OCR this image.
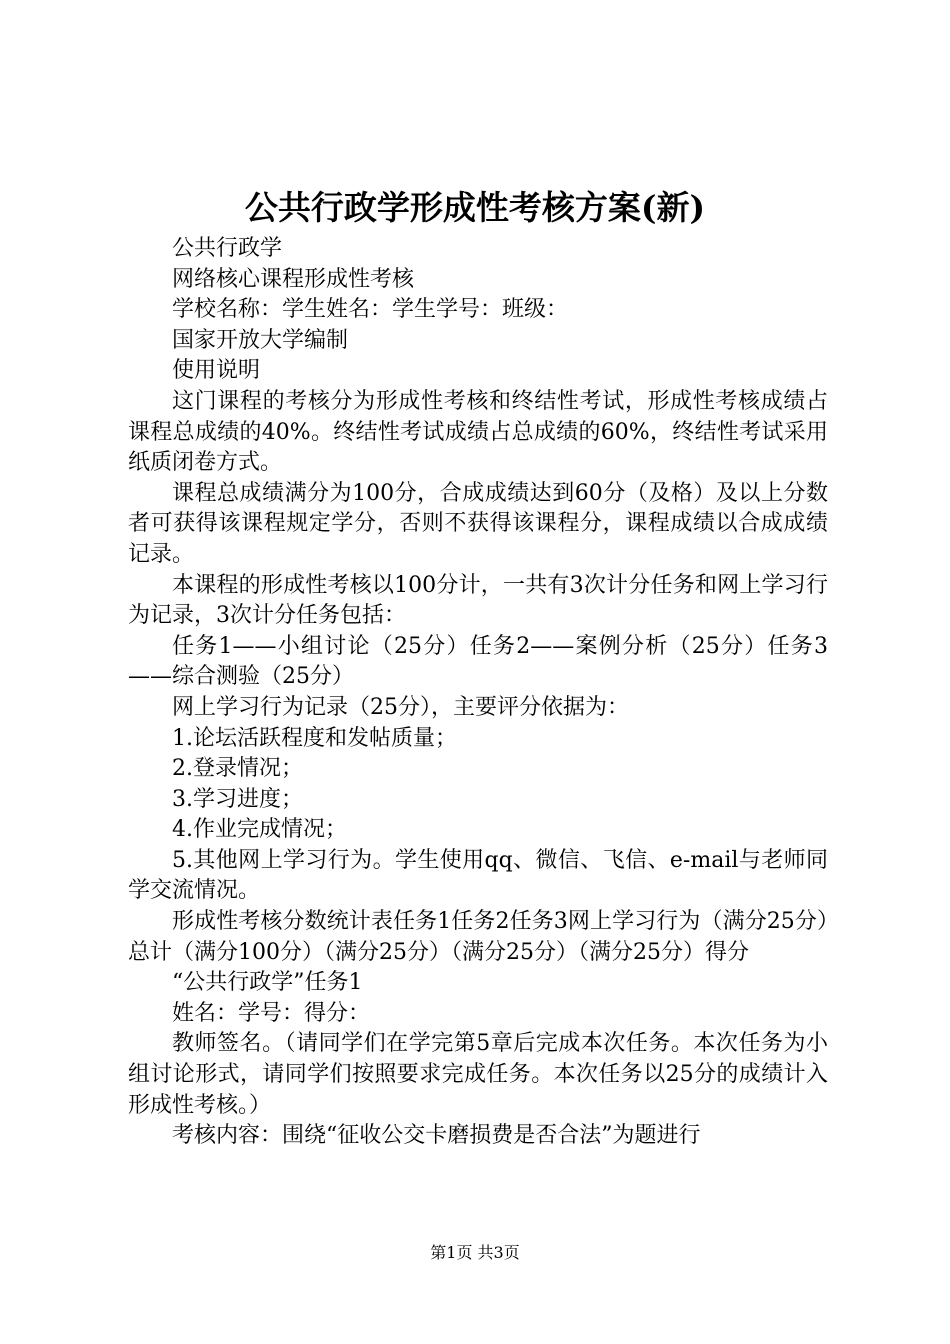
公共行政学形成性考核方案(新)

公共行政学

网络核心课程形成性考核

学校名称：学生姓名：学生学号：班级：

国家开放大学编制

使用说明

这门课程的考核分为形成性考核和终结性考试，形成性考核成绩占课程总成绩的40%。终结性考试成绩占总成绩的60%，终结性考试采用纸质闭卷方式。

课程总成绩满分为100分，合成成绩达到60分（及格）及以上分数者可获得该课程规定学分，否则不获得该课程分，课程成绩以合成成绩记录。

本课程的形成性考核以100分计，一共有3次计分任务和网上学习行为记录，3次计分任务包括：

任务1——小组讨论（25分）任务2——案例分析（25分）任务3——综合测验（25分）

网上学习行为记录（25分），主要评分依据为：

1.论坛活跃程度和发帖质量；

2.登录情况；

3.学习进度；

4.作业完成情况；

5.其他网上学习行为。学生使用qq、微信、飞信、e-mail与老师同学交流情况。

形成性考核分数统计表任务1任务2任务3网上学习行为（满分25分）总计（满分100分）（满分25分）（满分25分）（满分25分）得分

“公共行政学”任务1

姓名：学号：得分：

教师签名。（请同学们在学完第5章后完成本次任务。本次任务为小组讨论形式，请同学们按照要求完成任务。本次任务以25分的成绩计入形成性考核。）

考核内容：围绕“征收公交卡磨损费是否合法”为题进行

第1页 共3页
